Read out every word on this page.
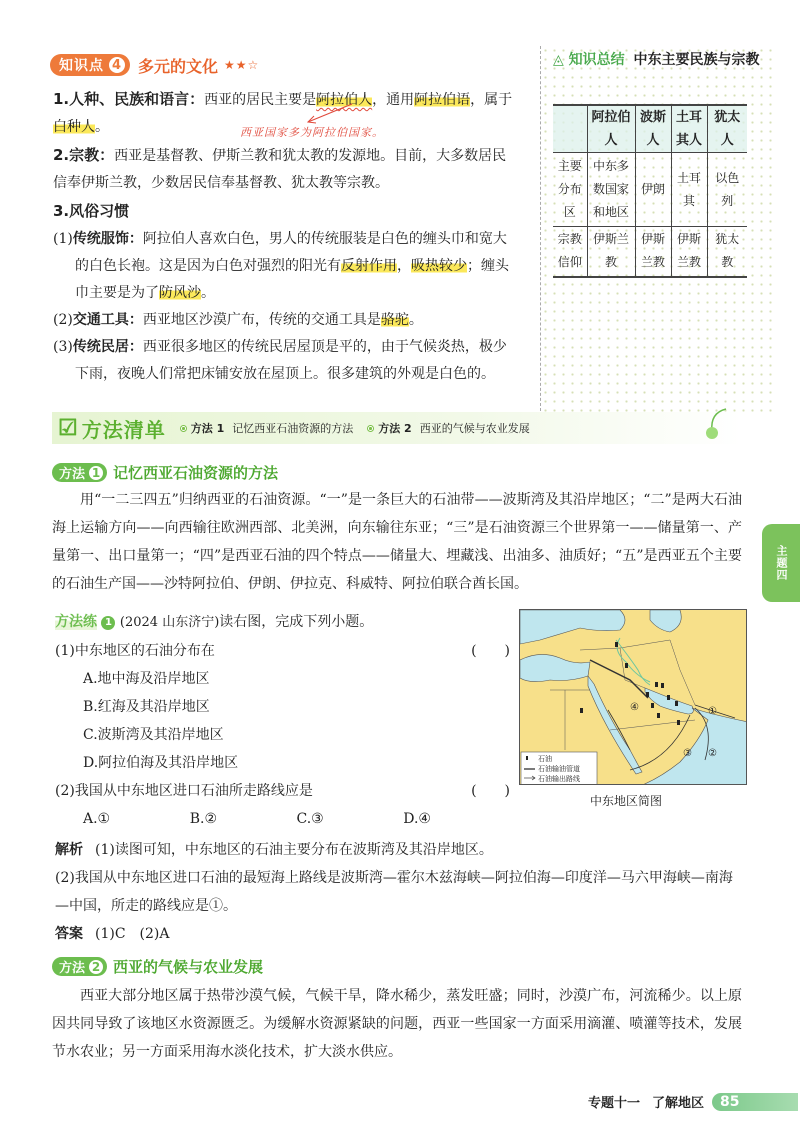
知识点 4 多元的文化 ★★☆
1.人种、民族和语言：西亚的居民主要是阿拉伯人，通用阿拉伯语，属于白种人。	西亚国家多为阿拉伯国家。
2.宗教：西亚是基督教、伊斯兰教和犹太教的发源地。目前，大多数居民信奉伊斯兰教，少数居民信奉基督教、犹太教等宗教。
3.风俗习惯
(1)传统服饰：阿拉伯人喜欢白色，男人的传统服装是白色的缠头巾和宽大的白色长袍。这是因为白色对强烈的阳光有反射作用，吸热较少；缠头巾主要是为了防风沙。
(2)交通工具：西亚地区沙漠广布，传统的交通工具是骆驼。
(3)传统民居：西亚很多地区的传统民居屋顶是平的，由于气候炎热，极少下雨，夜晚人们常把床铺安放在屋顶上。很多建筑的外观是白色的。
◬ 知识总结 中东主要民族与宗教
	阿拉伯人	波斯人	土耳其人	犹太人
主要分布区	中东多数国家和地区	伊朗	土耳其	以色列
宗教信仰	伊斯兰教	伊斯兰教	伊斯兰教	犹太教
☑ 方法清单 方法 1 记忆西亚石油资源的方法 方法 2 西亚的气候与农业发展
方法 1 记忆西亚石油资源的方法
用“一二三四五”归纳西亚的石油资源。“一”是一条巨大的石油带——波斯湾及其沿岸地区；“二”是两大石油海上运输方向——向西输往欧洲西部、北美洲，向东输往东亚；“三”是石油资源三个世界第一——储量第一、产量第一、出口量第一；“四”是西亚石油的四个特点——储量大、埋藏浅、出油多、油质好；“五”是西亚五个主要的石油生产国——沙特阿拉伯、伊朗、伊拉克、科威特、阿拉伯联合酋长国。
主题四
方法练 1 (2024 山东济宁)读右图，完成下列小题。
(1)中东地区的石油分布在	(　　)
A.地中海及沿岸地区
B.红海及其沿岸地区
C.波斯湾及其沿岸地区
D.阿拉伯海及其沿岸地区
(2)我国从中东地区进口石油所走路线应是	(　　)
A.①	B.②	C.③	D.④
①
②
③
④
石油
石油输油管道
石油输出路线
中东地区简图
解析 (1)读图可知，中东地区的石油主要分布在波斯湾及其沿岸地区。
(2)我国从中东地区进口石油的最短海上路线是波斯湾—霍尔木兹海峡—阿拉伯海—印度洋—马六甲海峡—南海—中国，所走的路线应是①。
答案 (1)C　(2)A
方法 2 西亚的气候与农业发展
西亚大部分地区属于热带沙漠气候，气候干旱，降水稀少，蒸发旺盛；同时，沙漠广布，河流稀少。以上原因共同导致了该地区水资源匮乏。为缓解水资源紧缺的问题，西亚一些国家一方面采用滴灌、喷灌等技术，发展节水农业；另一方面采用海水淡化技术，扩大淡水供应。
专题十一 了解地区	85
